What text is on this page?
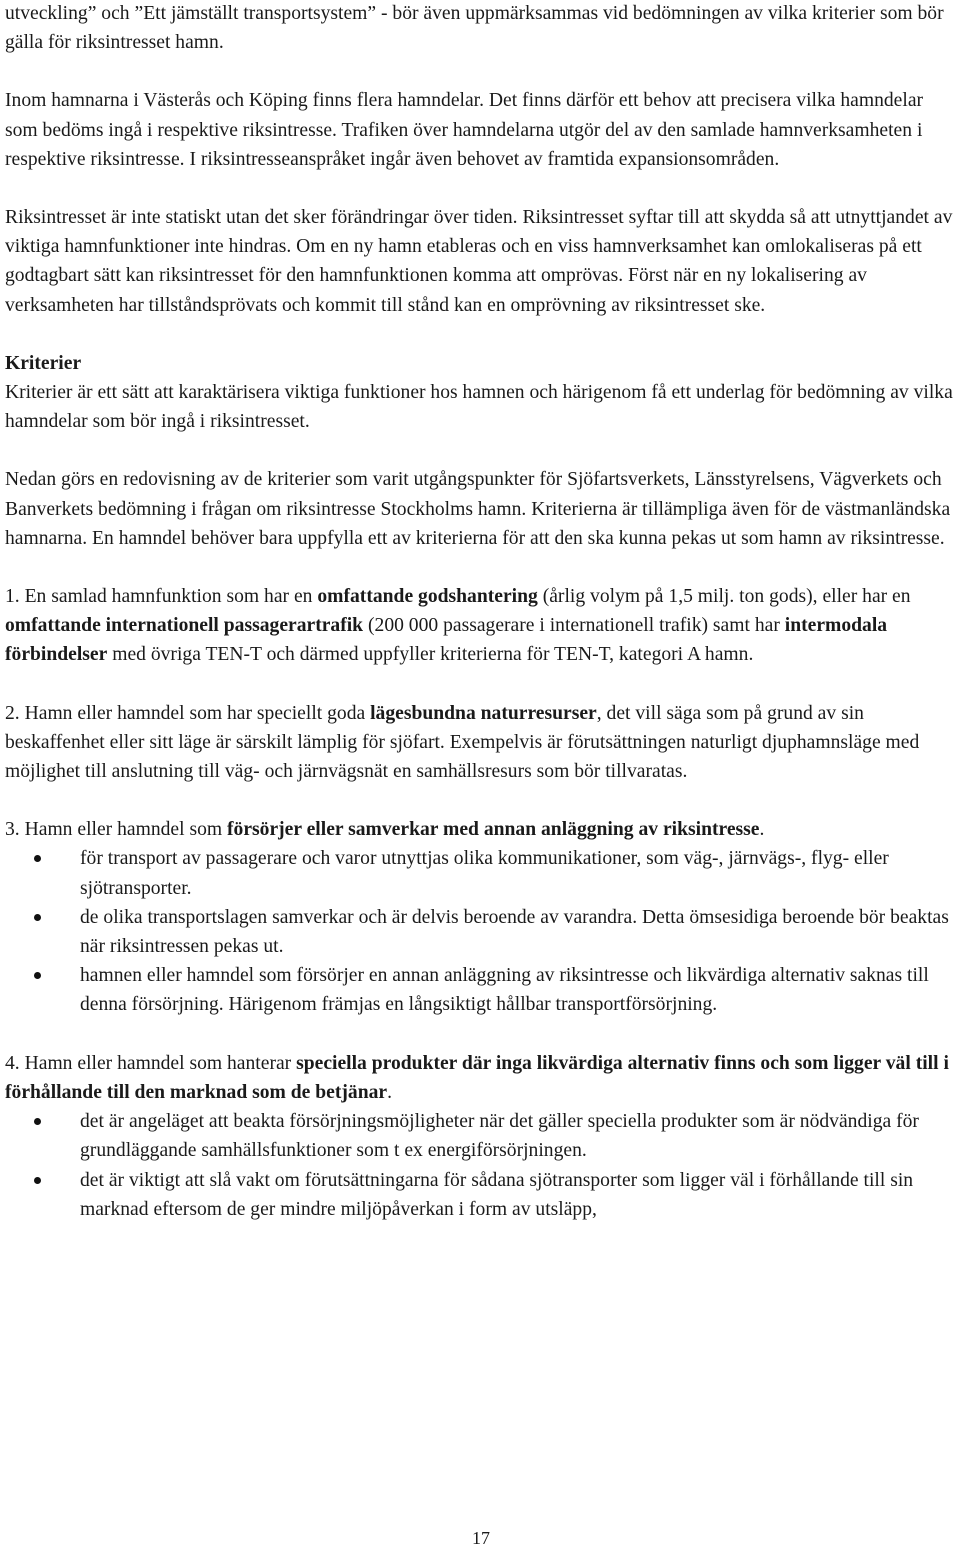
utveckling” och ”Ett jämställt transportsystem” - bör även uppmärksammas vid bedömningen av vilka kriterier som bör gälla för riksintresset hamn.

Inom hamnarna i Västerås och Köping finns flera hamndelar. Det finns därför ett behov att precisera vilka hamndelar som bedöms ingå i respektive riksintresse. Trafiken över hamndelarna utgör del av den samlade hamnverksamheten i respektive riksintresse. I riksintresseanspråket ingår även behovet av framtida expansionsområden.

Riksintresset är inte statiskt utan det sker förändringar över tiden. Riksintresset syftar till att skydda så att utnyttjandet av viktiga hamnfunktioner inte hindras. Om en ny hamn etableras och en viss hamnverksamhet kan omlokaliseras på ett godtagbart sätt kan riksintresset för den hamnfunktionen komma att omprövas. Först när en ny lokalisering av verksamheten har tillståndsprövats och kommit till stånd kan en omprövning av riksintresset ske.

Kriterier

Kriterier är ett sätt att karaktärisera viktiga funktioner hos hamnen och härigenom få ett underlag för bedömning av vilka hamndelar som bör ingå i riksintresset.

Nedan görs en redovisning av de kriterier som varit utgångspunkter för Sjöfartsverkets, Länsstyrelsens, Vägverkets och Banverkets bedömning i frågan om riksintresse Stockholms hamn. Kriterierna är tillämpliga även för de västmanländska hamnarna. En hamndel behöver bara uppfylla ett av kriterierna för att den ska kunna pekas ut som hamn av riksintresse.

1. En samlad hamnfunktion som har en omfattande godshantering (årlig volym på 1,5 milj. ton gods), eller har en omfattande internationell passagerartrafik (200 000 passagerare i internationell trafik) samt har intermodala förbindelser med övriga TEN-T och därmed uppfyller kriterierna för TEN-T, kategori A hamn.

2. Hamn eller hamndel som har speciellt goda lägesbundna naturresurser, det vill säga som på grund av sin beskaffenhet eller sitt läge är särskilt lämplig för sjöfart. Exempelvis är förutsättningen naturligt djuphamnsläge med möjlighet till anslutning till väg- och järnvägsnät en samhällsresurs som bör tillvaratas.

3. Hamn eller hamndel som försörjer eller samverkar med annan anläggning av riksintresse.

för transport av passagerare och varor utnyttjas olika kommunikationer, som väg-, järnvägs-, flyg- eller sjötransporter.
de olika transportslagen samverkar och är delvis beroende av varandra. Detta ömsesidiga beroende bör beaktas när riksintressen pekas ut.
hamnen eller hamndel som försörjer en annan anläggning av riksintresse och likvärdiga alternativ saknas till denna försörjning. Härigenom främjas en långsiktigt hållbar transportförsörjning.

4. Hamn eller hamndel som hanterar speciella produkter där inga likvärdiga alternativ finns och som ligger väl till i förhållande till den marknad som de betjänar.

det är angeläget att beakta försörjningsmöjligheter när det gäller speciella produkter som är nödvändiga för grundläggande samhällsfunktioner som t ex energiförsörjningen.
det är viktigt att slå vakt om förutsättningarna för sådana sjötransporter som ligger väl i förhållande till sin marknad eftersom de ger mindre miljöpåverkan i form av utsläpp,
17
